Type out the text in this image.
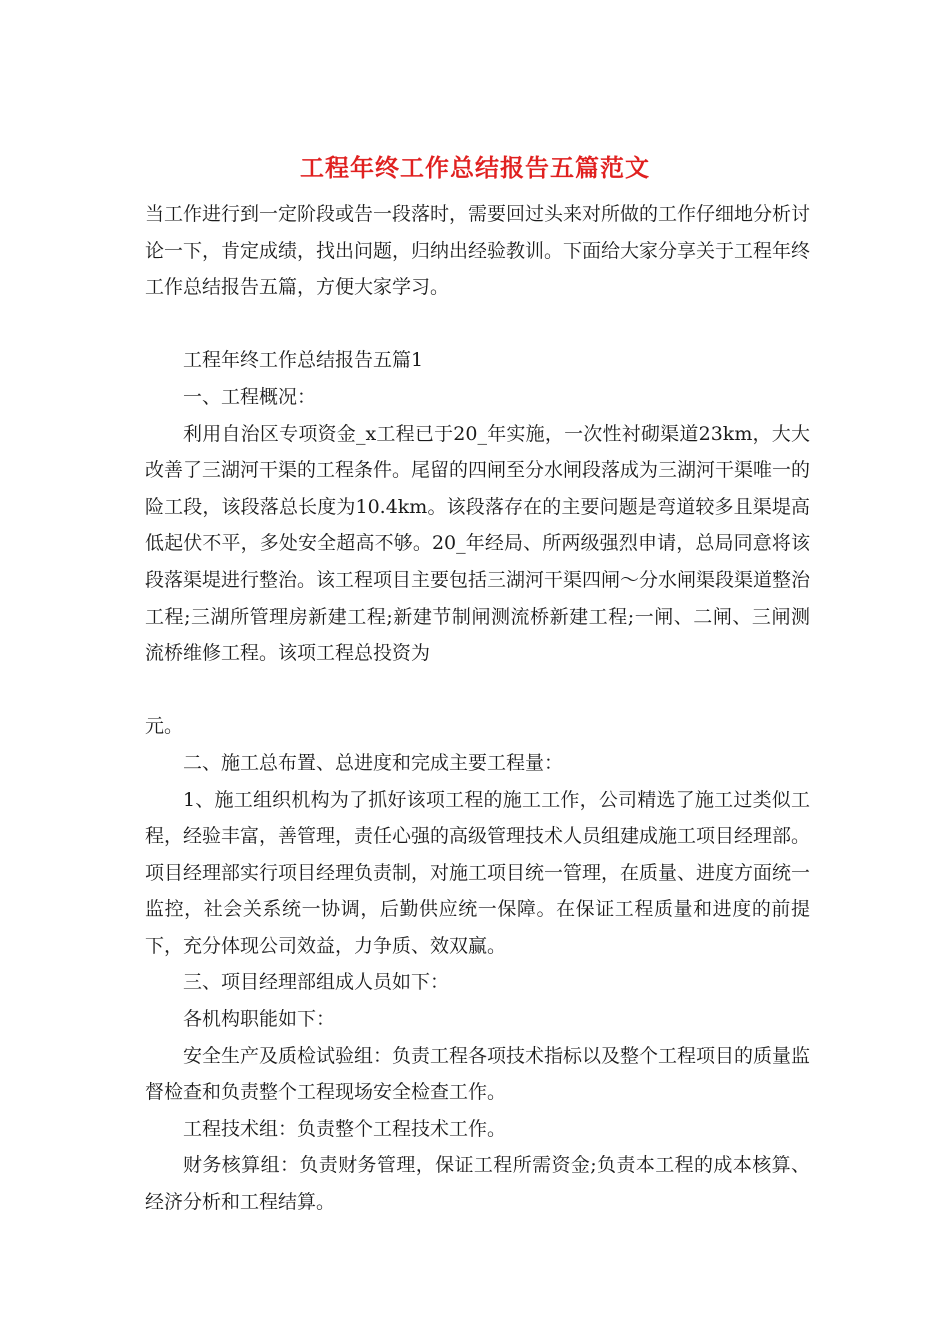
工程年终工作总结报告五篇范文

当工作进行到一定阶段或告一段落时，需要回过头来对所做的工作仔细地分析讨论一下，肯定成绩，找出问题，归纳出经验教训。下面给大家分享关于工程年终工作总结报告五篇，方便大家学习。

工程年终工作总结报告五篇1

一、工程概况：

利用自治区专项资金_x工程已于20_年实施，一次性衬砌渠道23km，大大改善了三湖河干渠的工程条件。尾留的四闸至分水闸段落成为三湖河干渠唯一的险工段，该段落总长度为10.4km。该段落存在的主要问题是弯道较多且渠堤高低起伏不平，多处安全超高不够。20_年经局、所两级强烈申请，总局同意将该段落渠堤进行整治。该工程项目主要包括三湖河干渠四闸～分水闸渠段渠道整治工程;三湖所管理房新建工程;新建节制闸测流桥新建工程;一闸、二闸、三闸测流桥维修工程。该项工程总投资为

元。

二、施工总布置、总进度和完成主要工程量：

1、施工组织机构为了抓好该项工程的施工工作，公司精选了施工过类似工程，经验丰富，善管理，责任心强的高级管理技术人员组建成施工项目经理部。项目经理部实行项目经理负责制，对施工项目统一管理，在质量、进度方面统一监控，社会关系统一协调，后勤供应统一保障。在保证工程质量和进度的前提下，充分体现公司效益，力争质、效双赢。

三、项目经理部组成人员如下：

各机构职能如下：

安全生产及质检试验组：负责工程各项技术指标以及整个工程项目的质量监督检查和负责整个工程现场安全检查工作。

工程技术组：负责整个工程技术工作。

财务核算组：负责财务管理，保证工程所需资金;负责本工程的成本核算、经济分析和工程结算。
